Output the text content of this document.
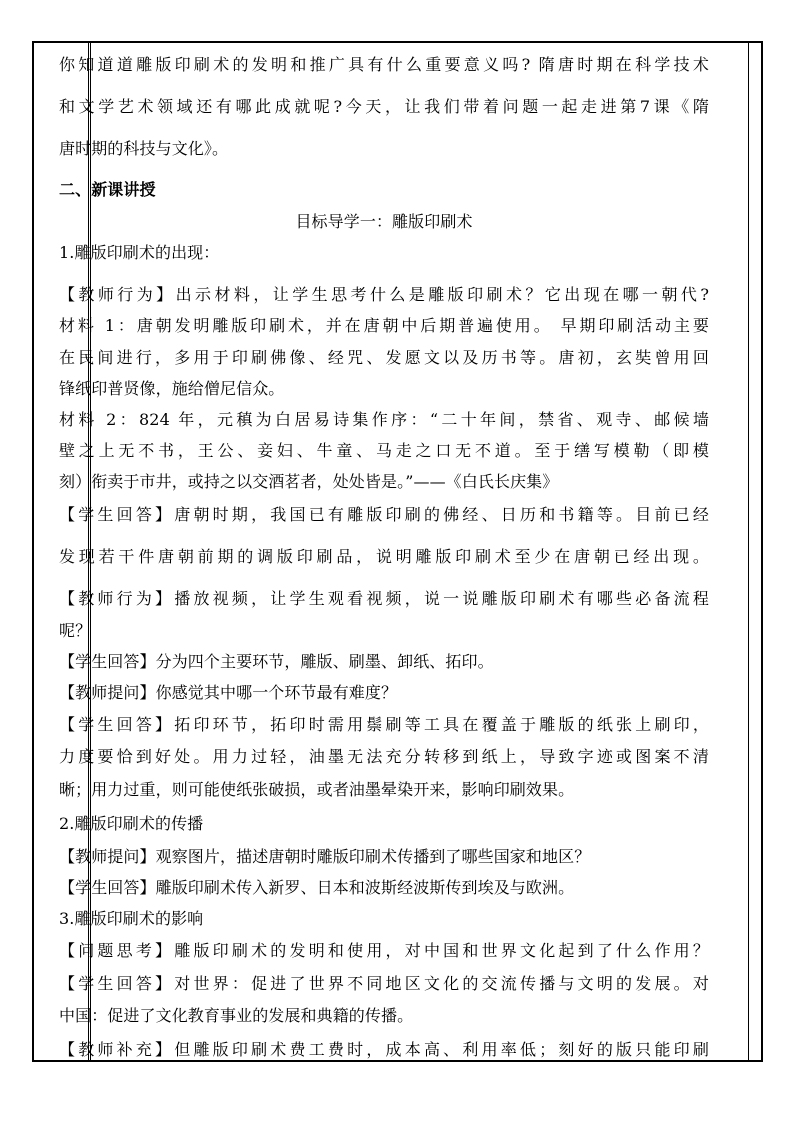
你知道道雕版印刷术的发明和推广具有什么重要意义吗? 隋唐时期在科学技术
和文学艺术领域还有哪此成就呢?今天，让我们带着问题一起走进第7课《隋
唐时期的科技与文化》。
二、新课讲授
目标导学一：雕版印刷术
1.雕版印刷术的出现：
【教师行为】出示材料，让学生思考什么是雕版印刷术？它出现在哪一朝代?
材料 1：唐朝发明雕版印刷术，并在唐朝中后期普遍使用。 早期印刷活动主要
在民间进行，多用于印刷佛像、经咒、发愿文以及历书等。唐初，玄奘曾用回
锋纸印普贤像，施给僧尼信众。
材料 2：824 年，元稹为白居易诗集作序：“二十年间，禁省、观寺、邮候墙
壁之上无不书，王公、妾妇、牛童、马走之口无不道。至于缮写模勒（即模
刻）衔卖于市井，或持之以交酒茗者，处处皆是。”——《白氏长庆集》
【学生回答】唐朝时期，我国已有雕版印刷的佛经、日历和书籍等。目前已经
发现若干件唐朝前期的调版印刷品，说明雕版印刷术至少在唐朝已经出现。
【教师行为】播放视频，让学生观看视频，说一说雕版印刷术有哪些必备流程
呢？
【学生回答】分为四个主要环节，雕版、刷墨、卸纸、拓印。
【教师提问】你感觉其中哪一个环节最有难度？
【学生回答】拓印环节，拓印时需用鬃刷等工具在覆盖于雕版的纸张上刷印，
力度要恰到好处。用力过轻，油墨无法充分转移到纸上，导致字迹或图案不清
晰；用力过重，则可能使纸张破损，或者油墨晕染开来，影响印刷效果。
2.雕版印刷术的传播
【教师提问】观察图片，描述唐朝时雕版印刷术传播到了哪些国家和地区？
【学生回答】雕版印刷术传入新罗、日本和波斯经波斯传到埃及与欧洲。
3.雕版印刷术的影响
【问题思考】雕版印刷术的发明和使用，对中国和世界文化起到了什么作用？
【学生回答】对世界：促进了世界不同地区文化的交流传播与文明的发展。对
中国：促进了文化教育事业的发展和典籍的传播。
【教师补充】但雕版印刷术费工费时，成本高、利用率低；刻好的版只能印刷
